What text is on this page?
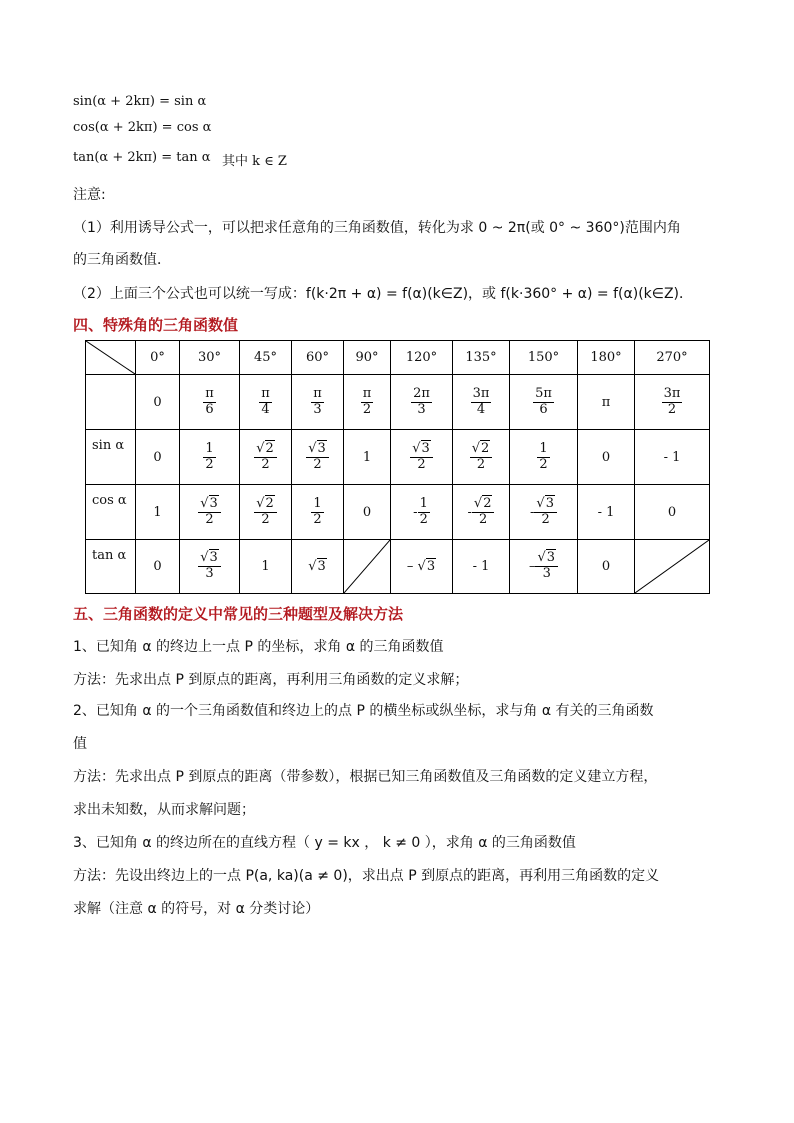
sin(α + 2kπ) = sin α
cos(α + 2kπ) = cos α
tan(α + 2kπ) = tan α 其中 k ∈ Z
注意:
（1）利用诱导公式一，可以把求任意角的三角函数值，转化为求 0 ~ 2π(或 0° ~ 360°)范围内角
的三角函数值．
（2）上面三个公式也可以统一写成：f(k·2π + α) = f(α)(k∈Z)，或 f(k·360° + α) = f(α)(k∈Z)．
四、特殊角的三角函数值
	0°	30°	45°	60°	90°	120°	135°	150°	180°	270°
	0	$\frac{\pi}{6}$	$\frac{\pi}{4}$	$\frac{\pi}{3}$	$\frac{\pi}{2}$	$\frac{2\pi}{3}$	$\frac{3\pi}{4}$	$\frac{5\pi}{6}$	π	$\frac{3\pi}{2}$

sin α	0	$\frac{1}{2}$	$\frac{√2}{2}$	$\frac{√3}{2}$	1	$\frac{√3}{2}$	$\frac{√2}{2}$	$\frac{1}{2}$	0	- 1

cos α	1	$\frac{√3}{2}$	$\frac{√2}{2}$	$\frac{1}{2}$	0	- $\frac{1}{2}$	- $\frac{√2}{2}$	- $\frac{√3}{2}$	- 1	0

tan α	0	$\frac{√3}{3}$	1	√3		– √3	- 1	– $\frac{√3}{3}$	0	
五、三角函数的定义中常见的三种题型及解决方法
1、已知角 α 的终边上一点 P 的坐标，求角 α 的三角函数值
方法：先求出点 P 到原点的距离，再利用三角函数的定义求解；
2、已知角 α 的一个三角函数值和终边上的点 P 的横坐标或纵坐标，求与角 α 有关的三角函数
值
方法：先求出点 P 到原点的距离（带参数），根据已知三角函数值及三角函数的定义建立方程，
求出未知数，从而求解问题；
3、已知角 α 的终边所在的直线方程（ y = kx ， k ≠ 0 ），求角 α 的三角函数值
方法：先设出终边上的一点 P(a, ka)(a ≠ 0)，求出点 P 到原点的距离，再利用三角函数的定义
求解（注意 α 的符号，对 α 分类讨论）
